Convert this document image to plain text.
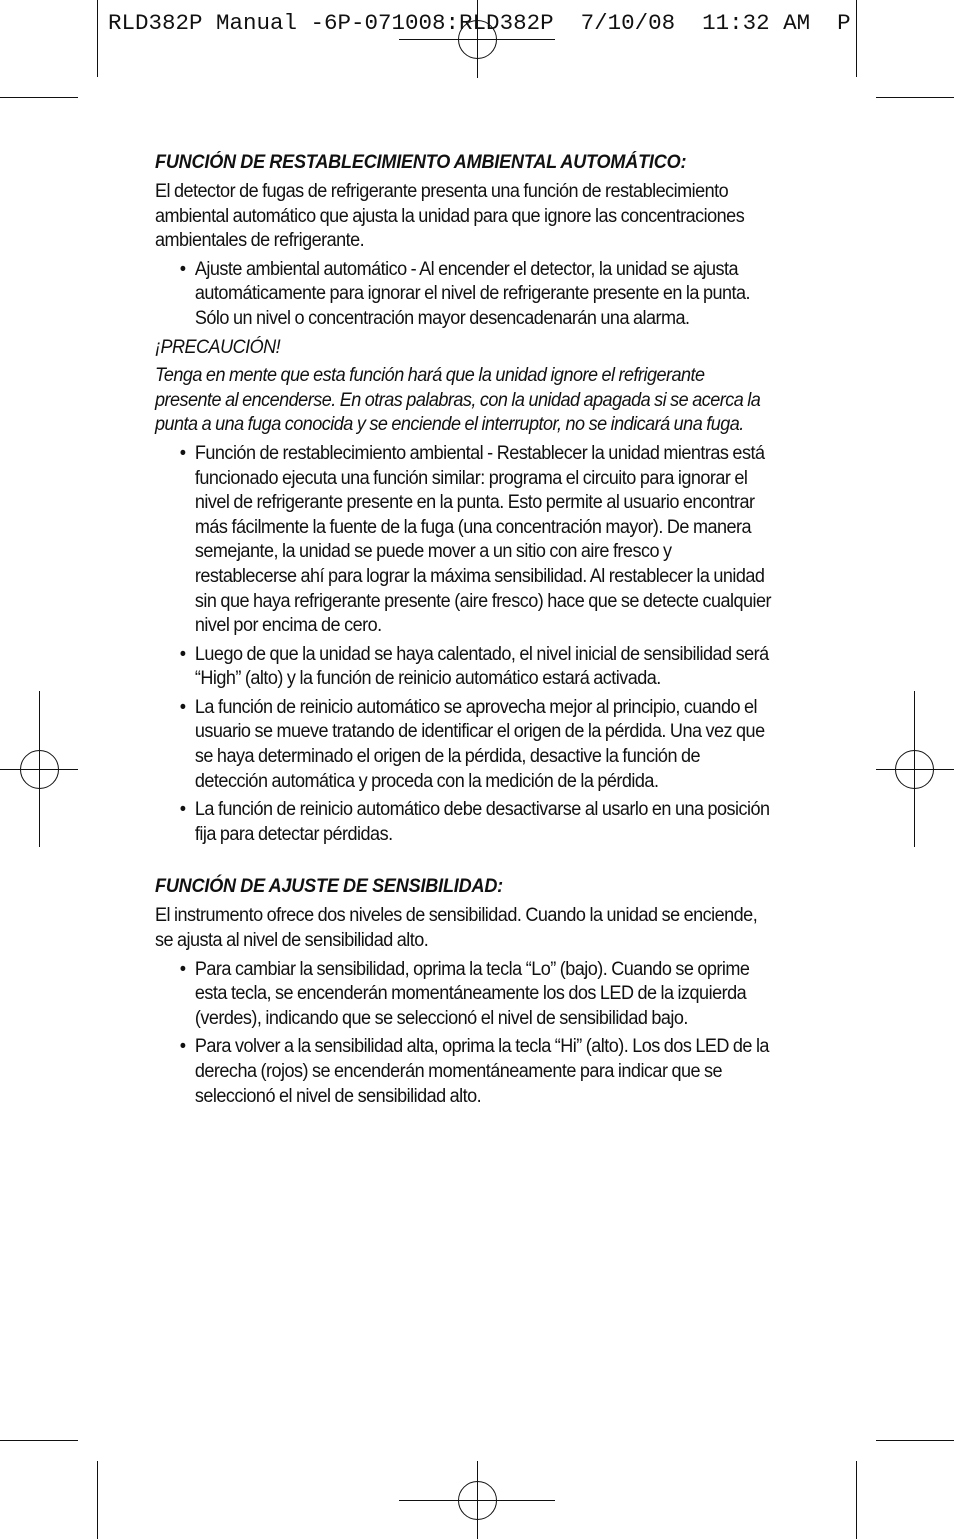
RLD382P Manual -6P-071008:RLD382P  7/10/08  11:32 AM  P
FUNCIÓN DE RESTABLECIMIENTO AMBIENTAL AUTOMÁTICO:

El detector de fugas de refrigerante presenta una función de restablecimiento ambiental automático que ajusta la unidad para que ignore las concentraciones ambientales de refrigerante.

• Ajuste ambiental automático - Al encender el detector, la unidad se ajusta automáticamente para ignorar el nivel de refrigerante presente en la punta. Sólo un nivel o concentración mayor desencadenarán una alarma.

¡PRECAUCIÓN!

Tenga en mente que esta función hará que la unidad ignore el refrigerante presente al encenderse. En otras palabras, con la unidad apagada si se acerca la punta a una fuga conocida y se enciende el interruptor, no se indicará una fuga.

• Función de restablecimiento ambiental - Restablecer la unidad mientras está funcionado ejecuta una función similar: programa el circuito para ignorar el nivel de refrigerante presente en la punta. Esto permite al usuario encontrar más fácilmente la fuente de la fuga (una concentración mayor). De manera semejante, la unidad se puede mover a un sitio con aire fresco y restablecerse ahí para lograr la máxima sensibilidad. Al restablecer la unidad sin que haya refrigerante presente (aire fresco) hace que se detecte cualquier nivel por encima de cero.
• Luego de que la unidad se haya calentado, el nivel inicial de sensibilidad será “High” (alto) y la función de reinicio automático estará activada.
• La función de reinicio automático se aprovecha mejor al principio, cuando el usuario se mueve tratando de identificar el origen de la pérdida. Una vez que se haya determinado el origen de la pérdida, desactive la función de detección automática y proceda con la medición de la pérdida.
• La función de reinicio automático debe desactivarse al usarlo en una posición fija para detectar pérdidas.
FUNCIÓN DE AJUSTE DE SENSIBILIDAD:

El instrumento ofrece dos niveles de sensibilidad. Cuando la unidad se enciende, se ajusta al nivel de sensibilidad alto.

• Para cambiar la sensibilidad, oprima la tecla “Lo” (bajo). Cuando se oprime esta tecla, se encenderán momentáneamente los dos LED de la izquierda (verdes), indicando que se seleccionó el nivel de sensibilidad bajo.
• Para volver a la sensibilidad alta, oprima la tecla “Hi” (alto). Los dos LED de la derecha (rojos) se encenderán momentáneamente para indicar que se seleccionó el nivel de sensibilidad alto.
